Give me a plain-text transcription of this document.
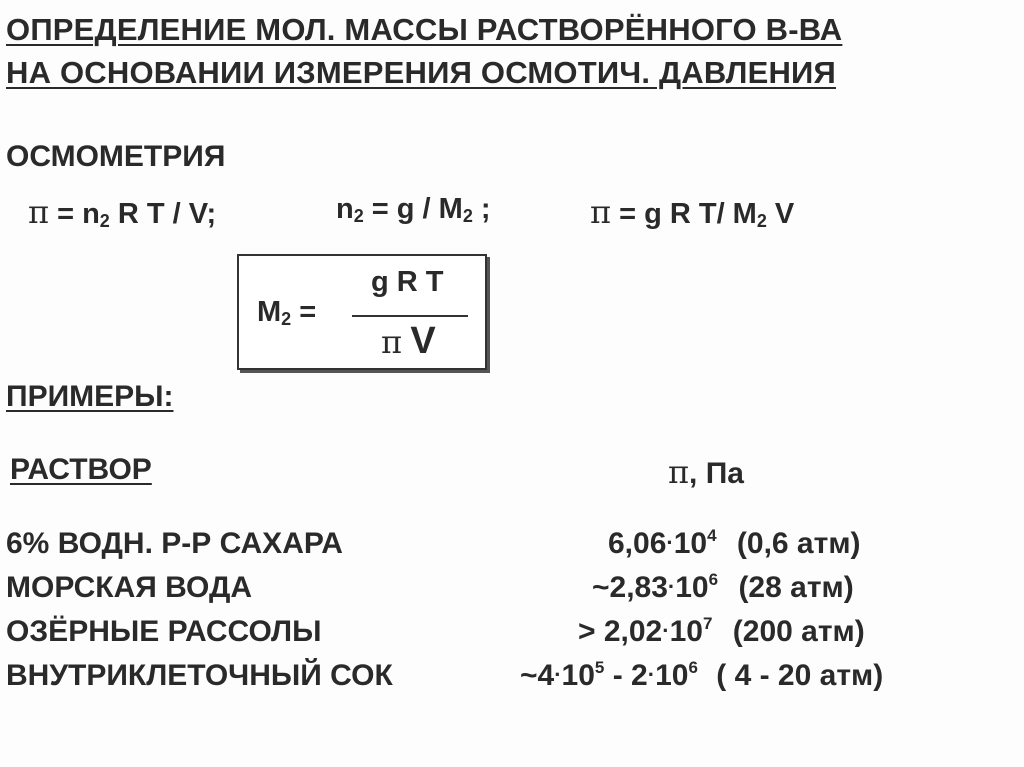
ОПРЕДЕЛЕНИЕ МОЛ. МАССЫ РАСТВОРЁННОГО В-ВА
НА ОСНОВАНИИ ИЗМЕРЕНИЯ ОСМОТИЧ. ДАВЛЕНИЯ
ОСМОМЕТРИЯ
$\pi = n_2$ R T / V;	$n_2 = g / M_2$ ;	π = g R T/ $M_2$ V
$M_2$ =
g R T
π V
ПРИМЕРЫ:
РАСТВОР	π, Па
6% ВОДН. Р-Р САХАРА	$6,06\cdot 10^4$ (0,6 атм)
МОРСКАЯ ВОДА	$\sim 2,83\cdot 10^6$ (28 атм)
ОЗЁРНЫЕ РАССОЛЫ	> $2,02\cdot 10^7$ (200 атм)
ВНУТРИКЛЕТОЧНЫЙ СОК	$\sim 4\cdot 10^5 - 2\cdot 10^6$ ( 4 - 20 атм)
